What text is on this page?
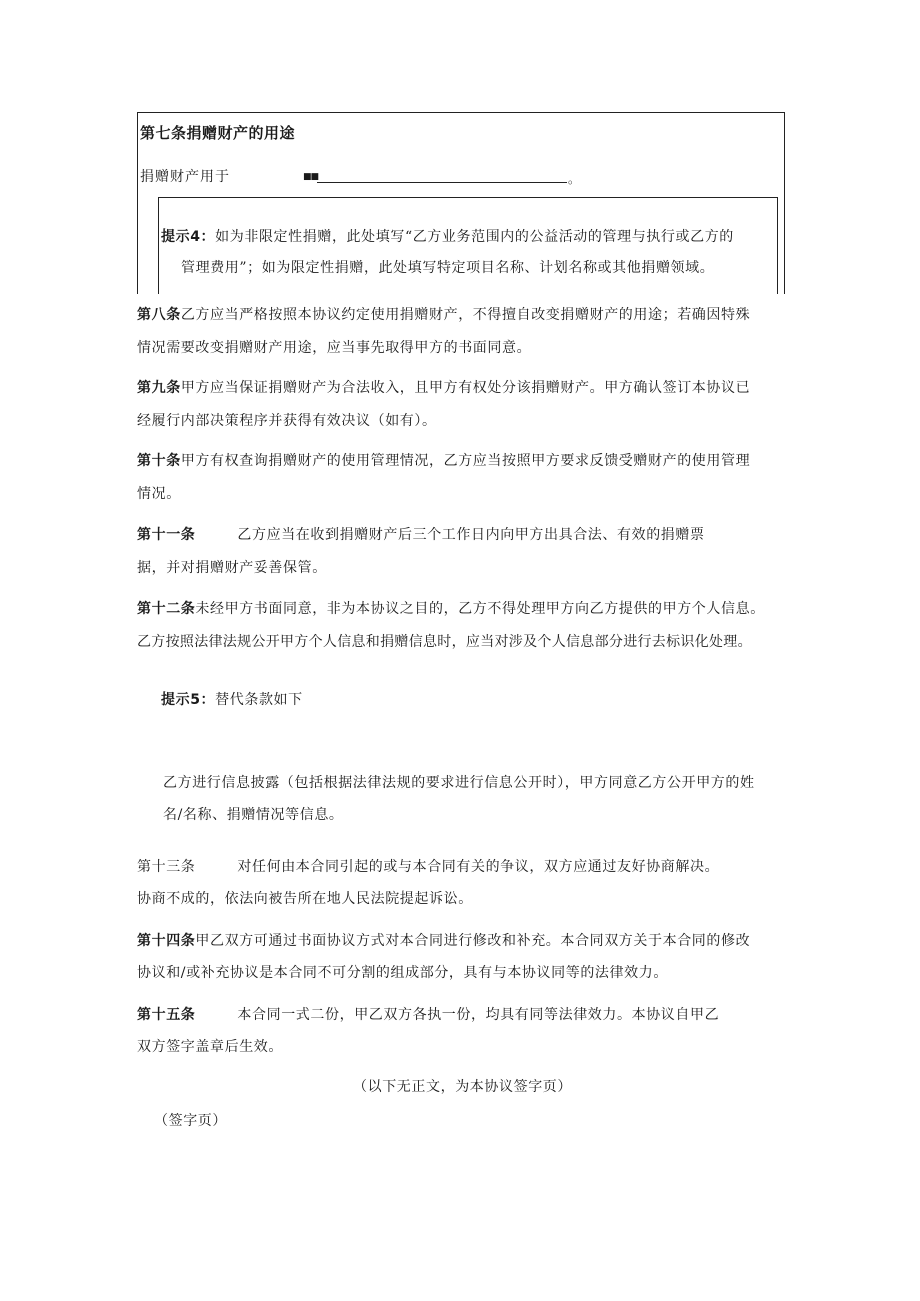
第七条捐赠财产的用途
捐赠财产用于	■■	。
提示4：如为非限定性捐赠，此处填写“乙方业务范围内的公益活动的管理与执行或乙方的
管理费用”；如为限定性捐赠，此处填写特定项目名称、计划名称或其他捐赠领域。
第八条乙方应当严格按照本协议约定使用捐赠财产，不得擅自改变捐赠财产的用途；若确因特殊
情况需要改变捐赠财产用途，应当事先取得甲方的书面同意。
第九条甲方应当保证捐赠财产为合法收入，且甲方有权处分该捐赠财产。甲方确认签订本协议已
经履行内部决策程序并获得有效决议（如有）。
第十条甲方有权查询捐赠财产的使用管理情况，乙方应当按照甲方要求反馈受赠财产的使用管理
情况。
第十一条	乙方应当在收到捐赠财产后三个工作日内向甲方出具合法、有效的捐赠票
据，并对捐赠财产妥善保管。
第十二条未经甲方书面同意，非为本协议之目的，乙方不得处理甲方向乙方提供的甲方个人信息。
乙方按照法律法规公开甲方个人信息和捐赠信息时，应当对涉及个人信息部分进行去标识化处理。
提示5：替代条款如下
乙方进行信息披露（包括根据法律法规的要求进行信息公开时），甲方同意乙方公开甲方的姓
名/名称、捐赠情况等信息。
第十三条	对任何由本合同引起的或与本合同有关的争议，双方应通过友好协商解决。
协商不成的，依法向被告所在地人民法院提起诉讼。
第十四条甲乙双方可通过书面协议方式对本合同进行修改和补充。本合同双方关于本合同的修改
协议和/或补充协议是本合同不可分割的组成部分，具有与本协议同等的法律效力。
第十五条	本合同一式二份，甲乙双方各执一份，均具有同等法律效力。本协议自甲乙
双方签字盖章后生效。
（以下无正文，为本协议签字页）
（签字页）
